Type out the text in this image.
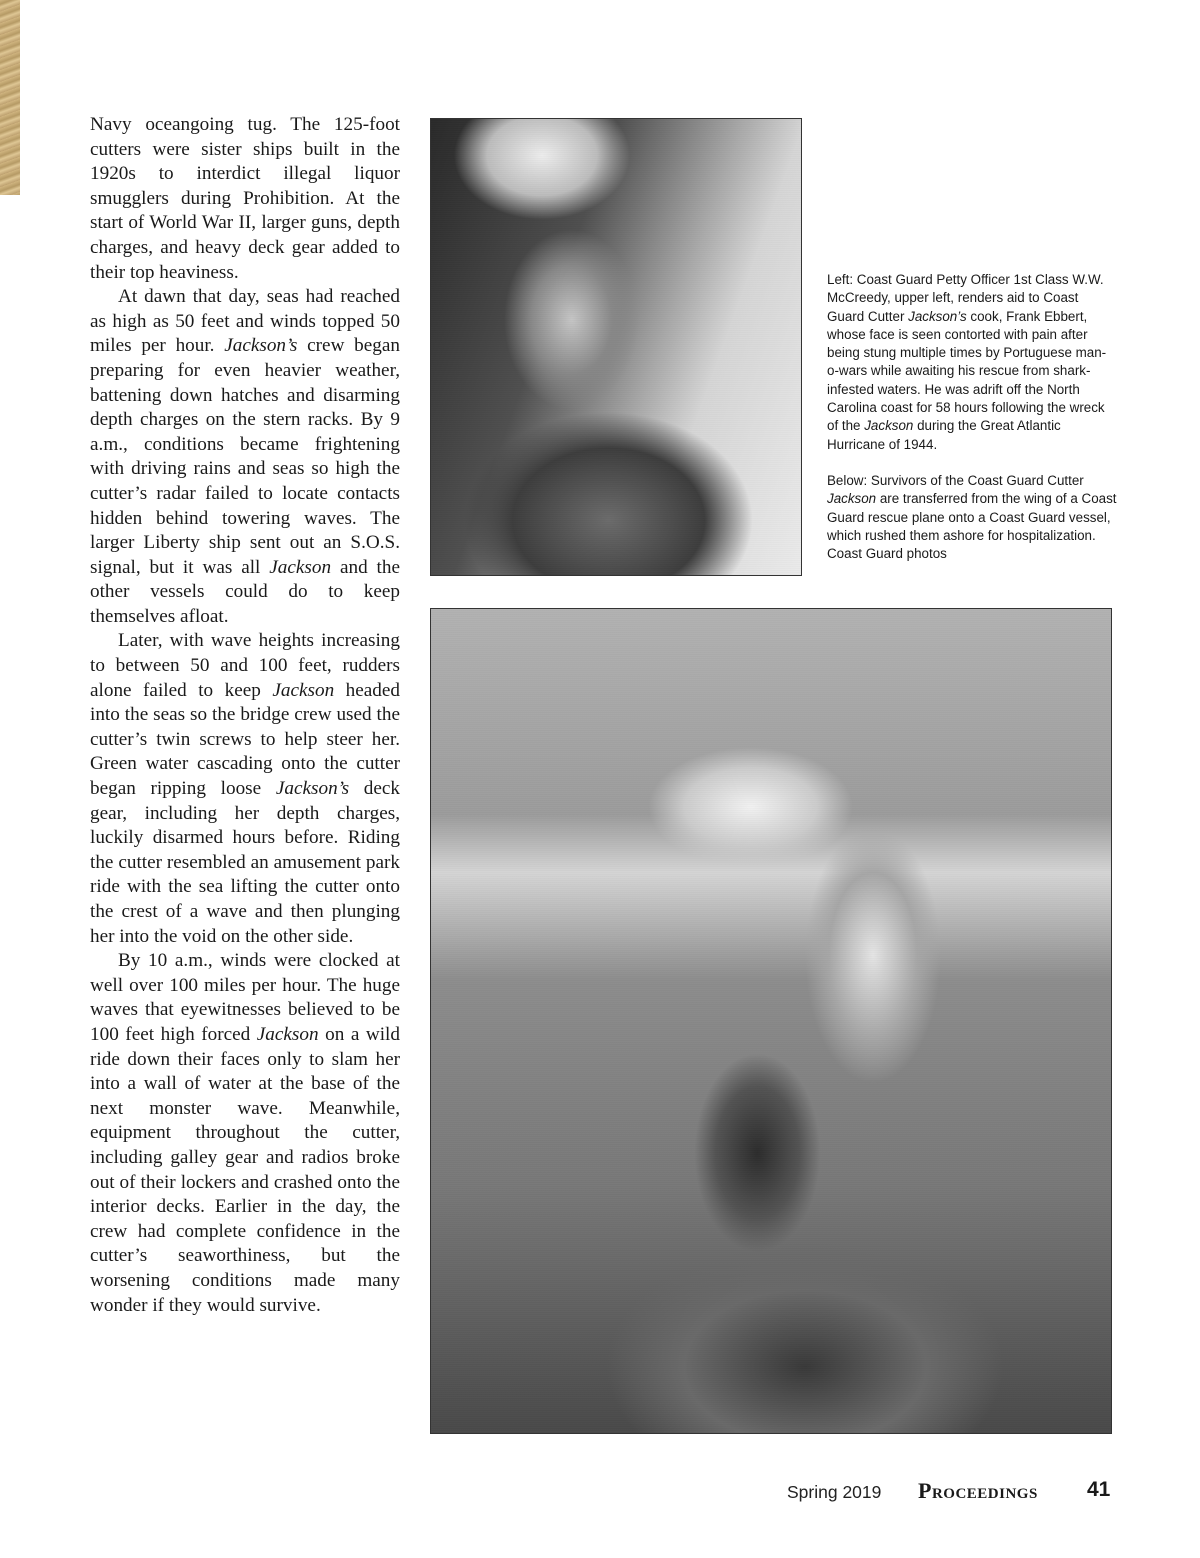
Navy oceangoing tug. The 125-foot cutters were sister ships built in the 1920s to interdict illegal liquor smugglers during Prohibition. At the start of World War II, larger guns, depth charges, and heavy deck gear added to their top heaviness.

At dawn that day, seas had reached as high as 50 feet and winds topped 50 miles per hour. Jackson’s crew began preparing for even heavier weather, battening down hatches and disarming depth charges on the stern racks. By 9 a.m., conditions became frightening with driving rains and seas so high the cutter’s radar failed to locate contacts hidden behind towering waves. The larger Liberty ship sent out an S.O.S. signal, but it was all Jackson and the other vessels could do to keep themselves afloat.

Later, with wave heights increasing to between 50 and 100 feet, rudders alone failed to keep Jackson headed into the seas so the bridge crew used the cutter’s twin screws to help steer her. Green water cascading onto the cutter began ripping loose Jackson’s deck gear, including her depth charges, luckily disarmed hours before. Riding the cutter resembled an amusement park ride with the sea lifting the cutter onto the crest of a wave and then plunging her into the void on the other side.

By 10 a.m., winds were clocked at well over 100 miles per hour. The huge waves that eyewitnesses believed to be 100 feet high forced Jackson on a wild ride down their faces only to slam her into a wall of water at the base of the next monster wave. Meanwhile, equipment throughout the cutter, including galley gear and radios broke out of their lockers and crashed onto the interior decks. Earlier in the day, the crew had complete confidence in the cutter’s seaworthiness, but the worsening conditions made many wonder if they would survive.

Left: Coast Guard Petty Officer 1st Class W.W. McCreedy, upper left, renders aid to Coast Guard Cutter Jackson’s cook, Frank Ebbert, whose face is seen contorted with pain after being stung multiple times by Portuguese man-o-wars while awaiting his rescue from shark-infested waters. He was adrift off the North Carolina coast for 58 hours following the wreck of the Jackson during the Great Atlantic Hurricane of 1944.

Below: Survivors of the Coast Guard Cutter Jackson are transferred from the wing of a Coast Guard rescue plane onto a Coast Guard vessel, which rushed them ashore for hospitalization. Coast Guard photos

Spring 2019 Proceedings 41
